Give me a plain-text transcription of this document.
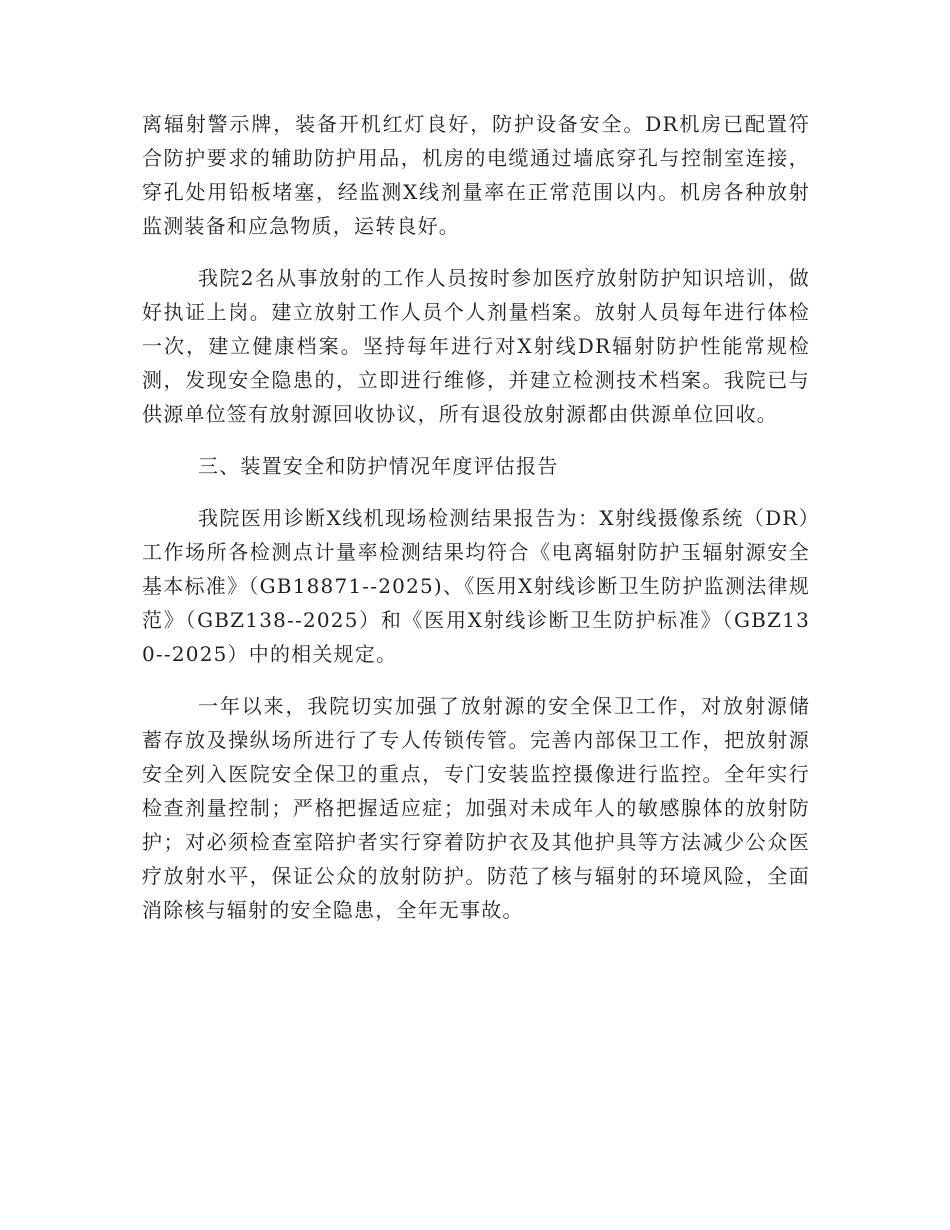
离辐射警示牌，装备开机红灯良好，防护设备安全。DR机房已配置符合防护要求的辅助防护用品，机房的电缆通过墙底穿孔与控制室连接，穿孔处用铅板堵塞，经监测X线剂量率在正常范围以内。机房各种放射监测装备和应急物质，运转良好。

我院2名从事放射的工作人员按时参加医疗放射防护知识培训，做好执证上岗。建立放射工作人员个人剂量档案。放射人员每年进行体检一次，建立健康档案。坚持每年进行对X射线DR辐射防护性能常规检测，发现安全隐患的，立即进行维修，并建立检测技术档案。我院已与供源单位签有放射源回收协议，所有退役放射源都由供源单位回收。

三、装置安全和防护情况年度评估报告

我院医用诊断X线机现场检测结果报告为：X射线摄像系统（DR）工作场所各检测点计量率检测结果均符合《电离辐射防护玉辐射源安全基本标准》（GB18871--2025)、《医用X射线诊断卫生防护监测法律规范》（GBZ138--2025）和《医用X射线诊断卫生防护标准》（GBZ130--2025）中的相关规定。

一年以来，我院切实加强了放射源的安全保卫工作，对放射源储蓄存放及操纵场所进行了专人传锁传管。完善内部保卫工作，把放射源安全列入医院安全保卫的重点，专门安装监控摄像进行监控。全年实行检查剂量控制；严格把握适应症；加强对未成年人的敏感腺体的放射防护；对必须检查室陪护者实行穿着防护衣及其他护具等方法减少公众医疗放射水平，保证公众的放射防护。防范了核与辐射的环境风险，全面消除核与辐射的安全隐患，全年无事故。
